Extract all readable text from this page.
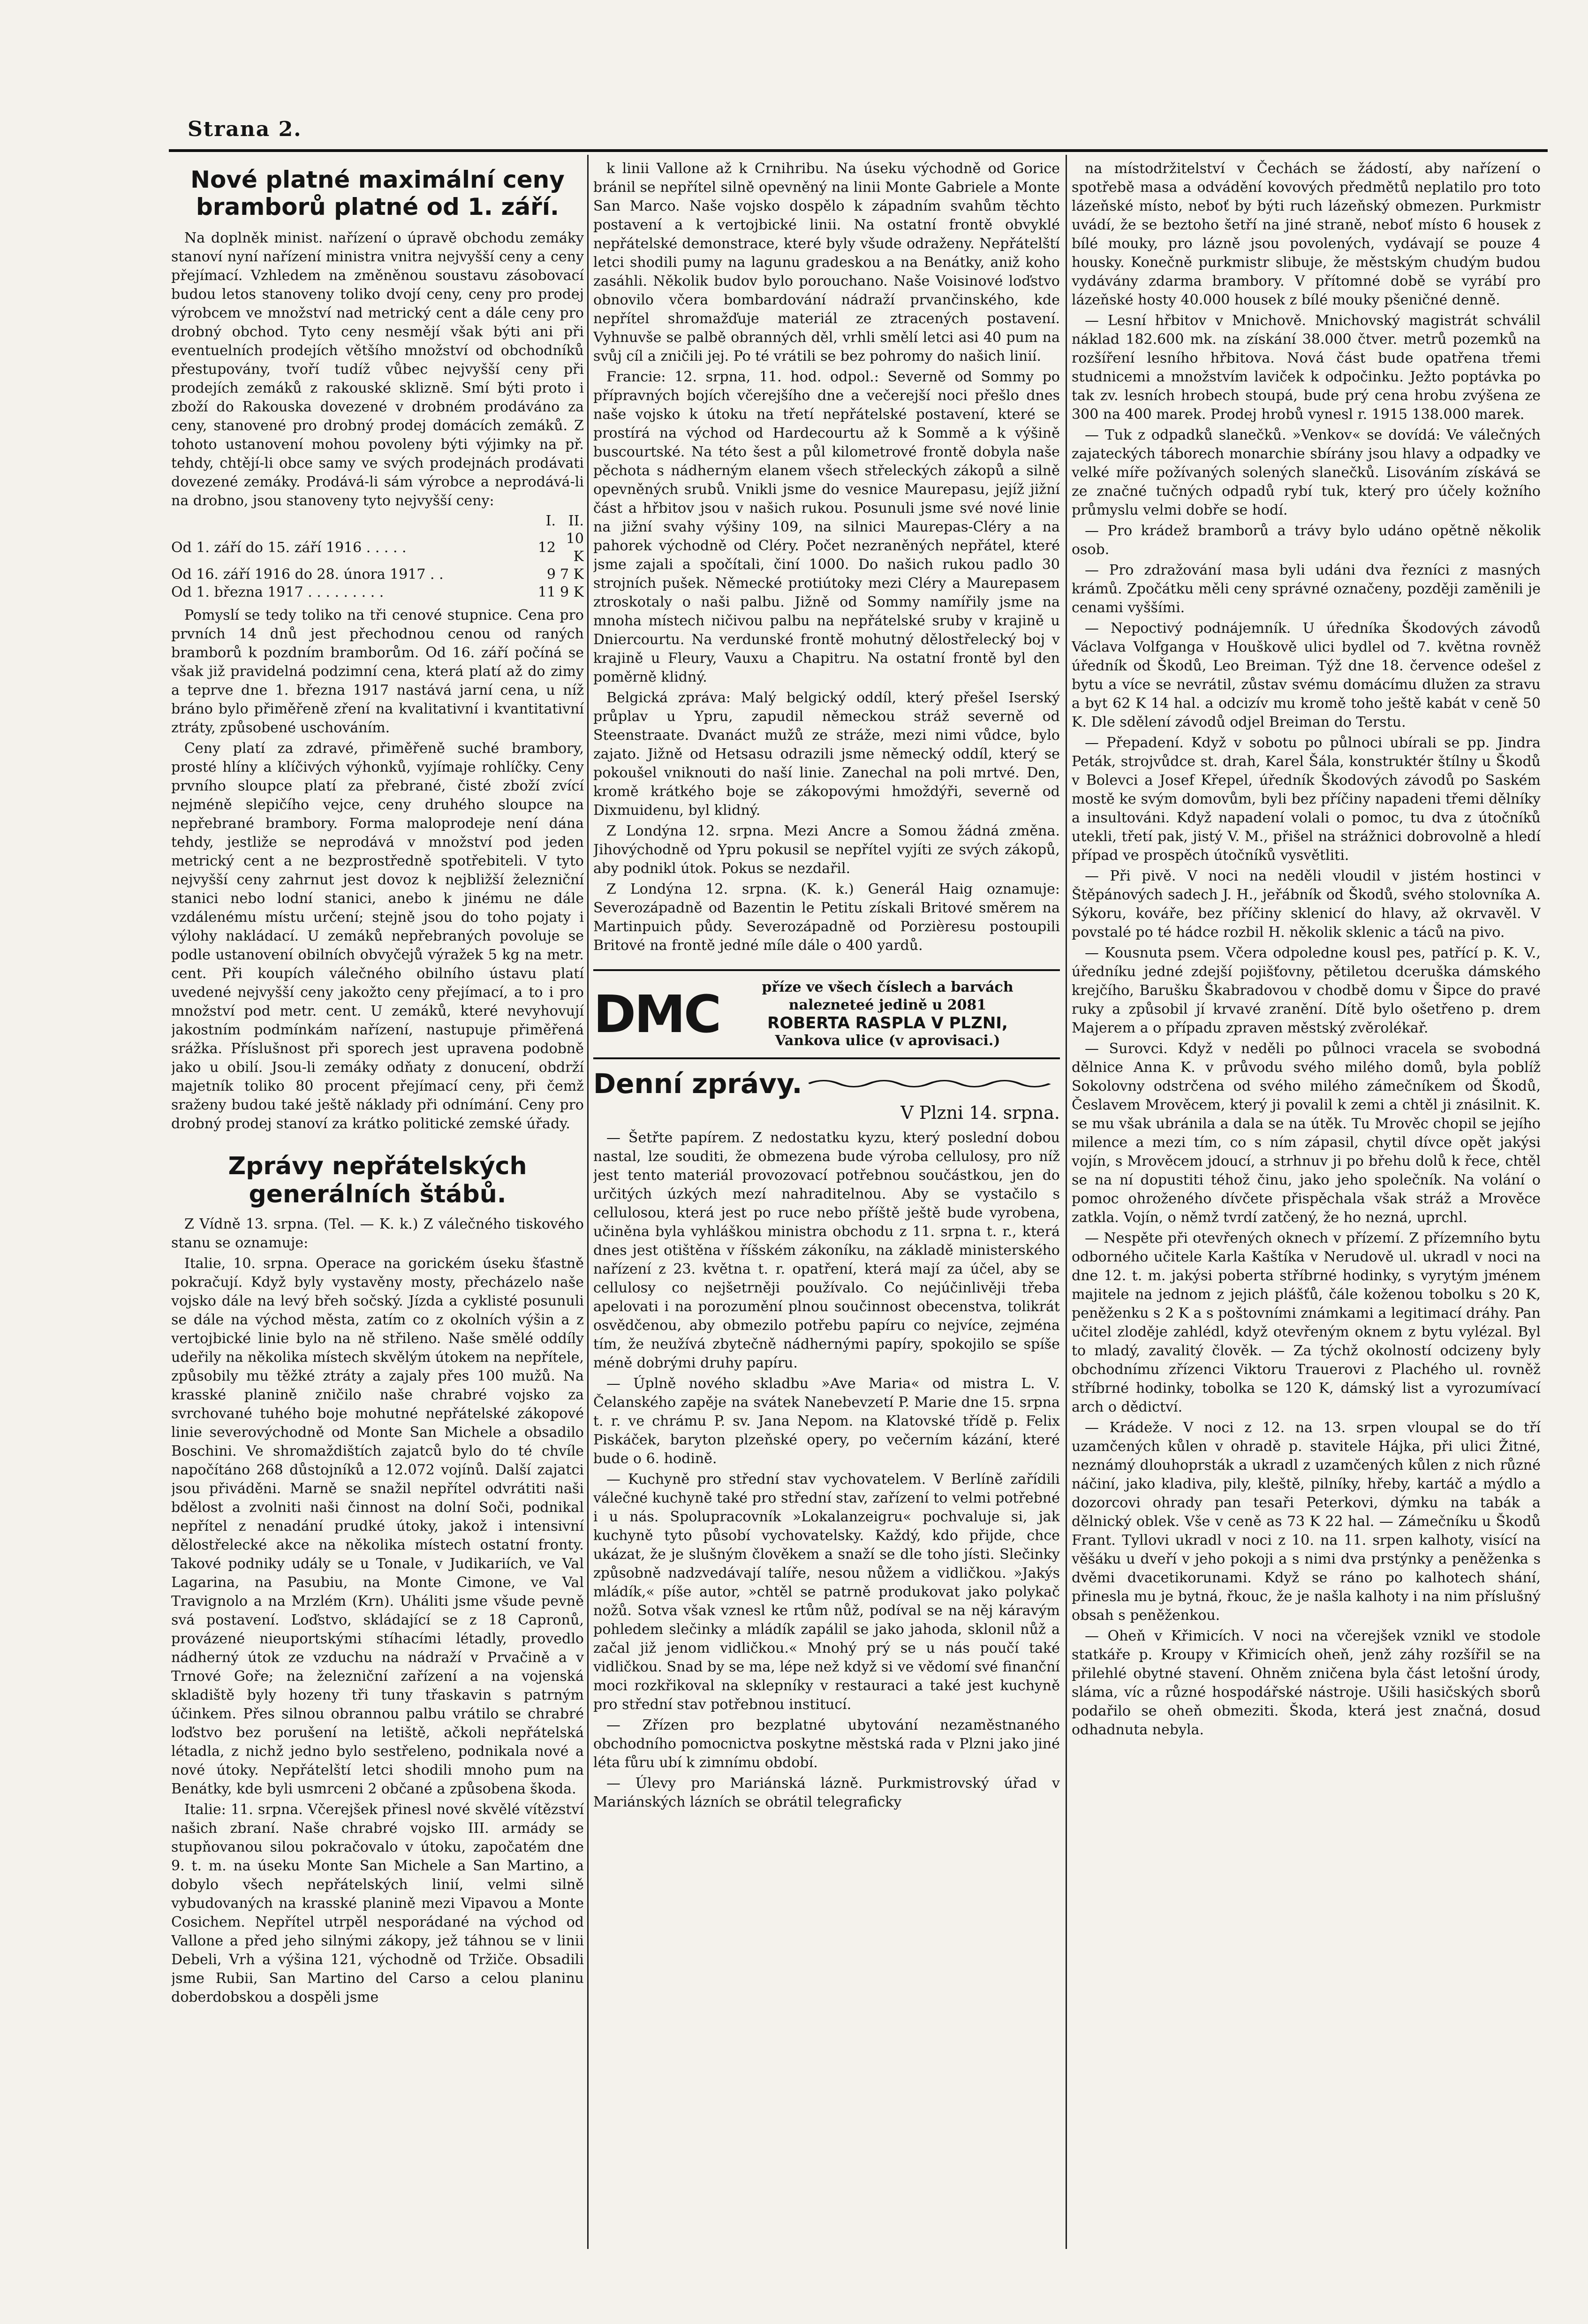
Strana 2.
Nové platné maximální ceny bramborů platné od 1. září.

Na doplněk minist. nařízení o úpravě obchodu zemáky stanoví nyní nařízení ministra vnitra nejvyšší ceny a ceny přejímací. Vzhledem na změněnou soustavu zásobovací budou letos stanoveny toliko dvojí ceny, ceny pro prodej výrobcem ve množství nad metrický cent a dále ceny pro drobný obchod. Tyto ceny nesmějí však býti ani při eventuelních prodejích většího množství od obchodníků přestupovány, tvoří tudíž vůbec nejvyšší ceny při prodejích zemáků z rakouské skliznĕ. Smí býti proto i zboží do Rakouska dovezené v drobném prodáváno za ceny, stanovené pro drobný prodej domácích zemáků. Z tohoto ustanovení mohou povoleny býti výjimky na př. tehdy, chtějí-li obce samy ve svých prodejnách prodávati dovezené zemáky. Prodává-li sám výrobce a neprodává-li na drobno, jsou stanoveny tyto nejvyšší ceny:

	I.	II.
Od 1. září do 15. září 1916 . . . . .	12	10 K
Od 16. září 1916 do 28. února 1917 . .	9	7 K
Od 1. března 1917 . . . . . . . . .	11	9 K

Pomyslí se tedy toliko na tři cenové stupnice. Cena pro prvních 14 dnů jest přechodnou cenou od raných bramborů k pozdním bramborům. Od 16. září počíná se však již pravidelná podzimní cena, která platí až do zimy a teprve dne 1. března 1917 nastává jarní cena, u níž bráno bylo přiměřeně zření na kvalitativní i kvantitativní ztráty, způsobené uschováním.

Ceny platí za zdravé, přiměřeně suché brambory, prosté hlíny a klíčivých výhonků, vyjímaje rohlíčky. Ceny prvního sloupce platí za přebrané, čisté zboží zvící nejméně slepičího vejce, ceny druhého sloupce na nepřebrané brambory. Forma maloprodeje není dána tehdy, jestliže se neprodává v množství pod jeden metrický cent a ne bezprostředně spotřebiteli. V tyto nejvyšší ceny zahrnut jest dovoz k nejbližší železniční stanici nebo lodní stanici, anebo k jinému ne dále vzdálenému místu určení; stejně jsou do toho pojaty i výlohy nakládací. U zemáků nepřebraných povoluje se podle ustanovení obilních obvyčejů výražek 5 kg na metr. cent. Při koupích válečného obilního ústavu platí uvedené nejvyšší ceny jakožto ceny přejímací, a to i pro množství pod metr. cent. U zemáků, které nevyhovují jakostním podmínkám nařízení, nastupuje přiměřená srážka. Příslušnost při sporech jest upravena podobně jako u obilí. Jsou-li zemáky odňaty z donucení, obdrží majetník toliko 80 procent přejímací ceny, při čemž sraženy budou také ještě náklady při odnímání. Ceny pro drobný prodej stanoví za krátko politické zemské úřady.

Zprávy nepřátelských generálních štábů.

Z Vídně 13. srpna. (Tel. — K. k.) Z válečného tiskového stanu se oznamuje:

Italie, 10. srpna. Operace na gorickém úseku šťastně pokračují. Když byly vystavěny mosty, přecházelo naše vojsko dále na levý břeh sočský. Jízda a cyklisté posunuli se dále na východ města, zatím co z okolních výšin a z vertojbické linie bylo na ně střileno. Naše smělé oddíly udeřily na několika místech skvělým útokem na nepřítele, způsobily mu těžké ztráty a zajaly přes 100 mužů. Na krasské planině zničilo naše chrabré vojsko za svrchované tuhého boje mohutné nepřátelské zákopové linie severovýchodně od Monte San Michele a obsadilo Boschini. Ve shromaždištích zajatců bylo do té chvíle napočítáno 268 důstojníků a 12.072 vojínů. Další zajatci jsou přiváděni. Marně se snažil nepřítel odvrátiti naši bdělost a zvolniti naši činnost na dolní Soči, podnikal nepřítel z nenadání prudké útoky, jakož i intensivní dělostřelecké akce na několika místech ostatní fronty. Takové podniky udály se u Tonale, v Judikariích, ve Val Lagarina, na Pasubiu, na Monte Cimone, ve Val Travignolo a na Mrzlém (Krn). Uháliti jsme všude pevně svá postavení. Loďstvo, skládající se z 18 Capronů, provázené nieuportskými stíhacími létadly, provedlo nádherný útok ze vzduchu na nádraží v Prvačině a v Trnové Goře; na železniční zařízení a na vojenská skladiště byly hozeny tři tuny třaskavin s patrným účinkem. Přes silnou obrannou palbu vrátilo se chrabré loďstvo bez porušení na letiště, ačkoli nepřátelská létadla, z nichž jedno bylo sestřeleno, podnikala nové a nové útoky. Nepřátelští letci shodili mnoho pum na Benátky, kde byli usmrceni 2 občané a způsobena škoda.

Italie: 11. srpna. Včerejšek přinesl nové skvělé vítězství našich zbraní. Naše chrabré vojsko III. armády se stupňovanou silou pokračovalo v útoku, započatém dne 9. t. m. na úseku Monte San Michele a San Martino, a dobylo všech nepřátelských linií, velmi silně vybudovaných na krasské planině mezi Vipavou a Monte Cosichem. Nepřítel utrpěl nesporádané na východ od Vallone a před jeho silnými zákopy, jež táhnou se v linii Debeli, Vrh a výšina 121, východně od Tržiče. Obsadili jsme Rubii, San Martino del Carso a celou planinu doberdobskou a dospěli jsme

k linii Vallone až k Crnihribu. Na úseku východně od Gorice bránil se nepřítel silně opevněný na linii Monte Gabriele a Monte San Marco. Naše vojsko dospělo k západním svahům těchto postavení a k vertojbické linii. Na ostatní frontě obvyklé nepřátelské demonstrace, které byly všude odraženy. Nepřátelští letci shodili pumy na lagunu gradeskou a na Benátky, aniž koho zasáhli. Několik budov bylo porouchano. Naše Voisinové loďstvo obnovilo včera bombardování nádraží prvančinského, kde nepřítel shromažďuje materiál ze ztracených postavení. Vyhnuvše se palbě obranných děl, vrhli smělí letci asi 40 pum na svůj cíl a zničili jej. Po té vrátili se bez pohromy do našich linií.

Francie: 12. srpna, 11. hod. odpol.: Severně od Sommy po přípravných bojích včerejšího dne a večerejší noci přešlo dnes naše vojsko k útoku na třetí nepřátelské postavení, které se prostírá na východ od Hardecourtu až k Sommě a k výšině buscourtské. Na této šest a půl kilometrové frontě dobyla naše pěchota s nádherným elanem všech střeleckých zákopů a silně opevněných srubů. Vnikli jsme do vesnice Maurepasu, jejíž jižní část a hřbitov jsou v našich rukou. Posunuli jsme své nové linie na jižní svahy výšiny 109, na silnici Maurepas-Cléry a na pahorek východně od Cléry. Počet nezraněných nepřátel, které jsme zajali a spočítali, činí 1000. Do našich rukou padlo 30 strojních pušek. Německé protiútoky mezi Cléry a Maurepasem ztroskotaly o naši palbu. Jižně od Sommy namířily jsme na mnoha místech ničivou palbu na nepřátelské sruby v krajině u Dniercourtu. Na verdunské frontě mohutný dělostřelecký boj v krajině u Fleury, Vauxu a Chapitru. Na ostatní frontě byl den poměrně klidný.

Belgická zpráva: Malý belgický oddíl, který přešel Iserský průplav u Ypru, zapudil německou stráž severně od Steenstraate. Dvanáct mužů ze stráže, mezi nimi vůdce, bylo zajato. Jižně od Hetsasu odrazili jsme německý oddíl, který se pokoušel vniknouti do naší linie. Zanechal na poli mrtvé. Den, kromě krátkého boje se zákopovými hmoždýři, severně od Dixmuidenu, byl klidný.

Z Londýna 12. srpna. Mezi Ancre a Somou žádná změna. Jihovýchodně od Ypru pokusil se nepřítel vyjíti ze svých zákopů, aby podnikl útok. Pokus se nezdařil.

Z Londýna 12. srpna. (K. k.) Generál Haig oznamuje: Severozápadně od Bazentin le Petitu získali Britové směrem na Martinpuich půdy. Severozápadně od Porzièresu postoupili Britové na frontě jedné míle dále o 400 yardů.

DMC	příze ve všech číslech a barvách
nalezneteé jedině u 2081
ROBERTA RASPLA V PLZNI,
Vankova ulice (v aprovisaci.)
Denní zprávy.
V Plzni 14. srpna.

— Šetřte papírem. Z nedostatku kyzu, který poslední dobou nastal, lze souditi, že obmezena bude výroba cellulosy, pro níž jest tento materiál provozovací potřebnou součástkou, jen do určitých úzkých mezí nahraditelnou. Aby se vystačilo s cellulosou, která jest po ruce nebo příště ještě bude vyrobena, učiněna byla vyhláškou ministra obchodu z 11. srpna t. r., která dnes jest otištěna v říšském zákoníku, na základě ministerského nařízení z 23. května t. r. opatření, která mají za účel, aby se cellulosy co nejšetrněji používalo. Co nejúčinlivěji třeba apelovati i na porozumění plnou součinnost obecenstva, tolikrát osvědčenou, aby obmezilo potřebu papíru co nejvíce, zejména tím, že neužívá zbytečně nádhernými papíry, spokojilo se spíše méně dobrými druhy papíru.

— Úplně nového skladbu »Ave Maria« od mistra L. V. Čelanského zapěje na svátek Nanebevzetí P. Marie dne 15. srpna t. r. ve chrámu P. sv. Jana Nepom. na Klatovské třídě p. Felix Piskáček, baryton plzeňské opery, po večerním kázání, které bude o 6. hodině.

— Kuchyně pro střední stav vychovatelem. V Berlíně zařídili válečné kuchyně také pro střední stav, zařízení to velmi potřebné i u nás. Spolupracovník »Lokalanzeigru« pochvaluje si, jak kuchyně tyto působí vychovatelsky. Každý, kdo přijde, chce ukázat, že je slušným člověkem a snaží se dle toho jísti. Slečinky způsobně nadzvedávají talíře, nesou nůžem a vidličkou. »Jakýs mládík,« píše autor, »chtěl se patrně produkovat jako polykač nožů. Sotva však vznesl ke rtům nůž, podíval se na něj káravým pohledem slečinky a mládík zapálil se jako jahoda, sklonil nůž a začal již jenom vidličkou.« Mnohý prý se u nás poučí také vidličkou. Snad by se ma, lépe než když si ve vědomí své finanční moci rozkřikoval na sklepníky v restauraci a také jest kuchyně pro střední stav potřebnou institucí.

— Zřízen pro bezplatné ubytování nezaměstnaného obchodního pomocnictva poskytne městská rada v Plzni jako jiné léta fůru ubí k zimnímu období.

— Úlevy pro Mariánská lázně. Purkmistrovský úřad v Mariánských lázních se obrátil telegraficky

na místodržitelství v Čechách se žádostí, aby nařízení o spotřebě masa a odvádění kovových předmětů neplatilo pro toto lázeňské místo, neboť by býti ruch lázeňský obmezen. Purkmistr uvádí, že se beztoho šetří na jiné straně, neboť místo 6 housek z bílé mouky, pro lázně jsou povolených, vydávají se pouze 4 housky. Konečně purkmistr slibuje, že městským chudým budou vydávány zdarma brambory. V přítomné době se vyrábí pro lázeňské hosty 40.000 housek z bílé mouky pšeničné denně.

— Lesní hřbitov v Mnichově. Mnichovský magistrát schválil náklad 182.600 mk. na získání 38.000 čtver. metrů pozemků na rozšíření lesního hřbitova. Nová část bude opatřena třemi studnicemi a množstvím laviček k odpočinku. Ježto poptávka po tak zv. lesních hrobech stoupá, bude prý cena hrobu zvýšena ze 300 na 400 marek. Prodej hrobů vynesl r. 1915 138.000 marek.

— Tuk z odpadků slanečků. »Venkov« se dovídá: Ve válečných zajateckých táborech monarchie sbírány jsou hlavy a odpadky ve velké míře požívaných solených slanečků. Lisováním získává se ze značné tučných odpadů rybí tuk, který pro účely kožního průmyslu velmi dobře se hodí.

— Pro krádež bramborů a trávy bylo udáno opětně několik osob.

— Pro zdražování masa byli udáni dva řezníci z masných krámů. Zpočátku měli ceny správné označeny, později zaměnili je cenami vyššími.

— Nepoctivý podnájemník. U úředníka Škodových závodů Václava Volfganga v Houškově ulici bydlel od 7. května rovněž úředník od Škodů, Leo Breiman. Týž dne 18. července odešel z bytu a více se nevrátil, zůstav svému domácímu dlužen za stravu a byt 62 K 14 hal. a odcizív mu kromě toho ještě kabát v ceně 50 K. Dle sdělení závodů odjel Breiman do Terstu.

— Přepadení. Když v sobotu po půlnoci ubírali se pp. Jindra Peták, strojvůdce st. drah, Karel Šála, konstruktér štílny u Škodů v Bolevci a Josef Křepel, úředník Škodových závodů po Saském mostě ke svým domovům, byli bez příčiny napadeni třemi dělníky a insultováni. Když napadení volali o pomoc, tu dva z útočníků utekli, třetí pak, jistý V. M., přišel na strážnici dobrovolně a hledí případ ve prospěch útočníků vysvětliti.

— Při pivě. V noci na neděli vloudil v jistém hostinci v Štěpánových sadech J. H., jeřábník od Škodů, svého stolovníka A. Sýkoru, kováře, bez příčiny sklenicí do hlavy, až okrvavěl. V povstalé po té hádce rozbil H. několik sklenic a táců na pivo.

— Kousnuta psem. Včera odpoledne kousl pes, patřící p. K. V., úředníku jedné zdejší pojišťovny, pětiletou dceruška dámského krejčího, Barušku Škabradovou v chodbě domu v Šipce do pravé ruky a způsobil jí krvavé zranění. Dítě bylo ošetřeno p. drem Majerem a o případu zpraven městský zvěrolékař.

— Surovci. Když v neděli po půlnoci vracela se svobodná dělnice Anna K. v průvodu svého milého domů, byla poblíž Sokolovny odstrčena od svého milého zámečníkem od Škodů, Česlavem Mrověcem, který ji povalil k zemi a chtěl ji znásilnit. K. se mu však ubránila a dala se na útěk. Tu Mrověc chopil se jejího milence a mezi tím, co s ním zápasil, chytil dívce opět jakýsi vojín, s Mrověcem jdoucí, a strhnuv ji po břehu dolů k řece, chtěl se na ní dopustiti téhož činu, jako jeho společník. Na volání o pomoc ohroženého dívčete přispěchala však stráž a Mrověce zatkla. Vojín, o němž tvrdí zatčený, že ho nezná, uprchl.

— Nespěte při otevřených oknech v přízemí. Z přízemního bytu odborného učitele Karla Kaštíka v Nerudově ul. ukradl v noci na dne 12. t. m. jakýsi poberta stříbrné hodinky, s vyrytým jménem majitele na jednom z jejich plášťů, čále koženou tobolku s 20 K, peněženku s 2 K a s poštovními známkami a legitimací dráhy. Pan učitel zloděje zahlédl, když otevřeným oknem z bytu vylézal. Byl to mladý, zavalitý člověk. — Za týchž okolností odcizeny byly obchodnímu zřízenci Viktoru Trauerovi z Plachého ul. rovněž stříbrné hodinky, tobolka se 120 K, dámský list a vyrozumívací arch o dědictví.

— Krádeže. V noci z 12. na 13. srpen vloupal se do tří uzamčených kůlen v ohradě p. stavitele Hájka, při ulici Žitné, neznámý dlouhoprsták a ukradl z uzamčených kůlen z nich různé náčiní, jako kladiva, pily, kleště, pilníky, hřeby, kartáč a mýdlo a dozorcovi ohrady pan tesaři Peterkovi, dýmku na tabák a dělnický oblek. Vše v ceně as 73 K 22 hal. — Zámečníku u Škodů Frant. Tyllovi ukradl v noci z 10. na 11. srpen kalhoty, visící na věšáku u dveří v jeho pokoji a s nimi dva prstýnky a peněženka s dvěmi dvacetikorunami. Když se ráno po kalhotech shání, přinesla mu je bytná, řkouc, že je našla kalhoty i na nim příslušný obsah s peněženkou.

— Oheň v Křimicích. V noci na včerejšek vznikl ve stodole statkáře p. Kroupy v Křimicích oheň, jenž záhy rozšířil se na přilehlé obytné stavení. Ohněm zničena byla část letošní úrody, sláma, víc a různé hospodářské nástroje. Ušili hasičských sborů podařilo se oheň obmeziti. Škoda, která jest značná, dosud odhadnuta nebyla.
